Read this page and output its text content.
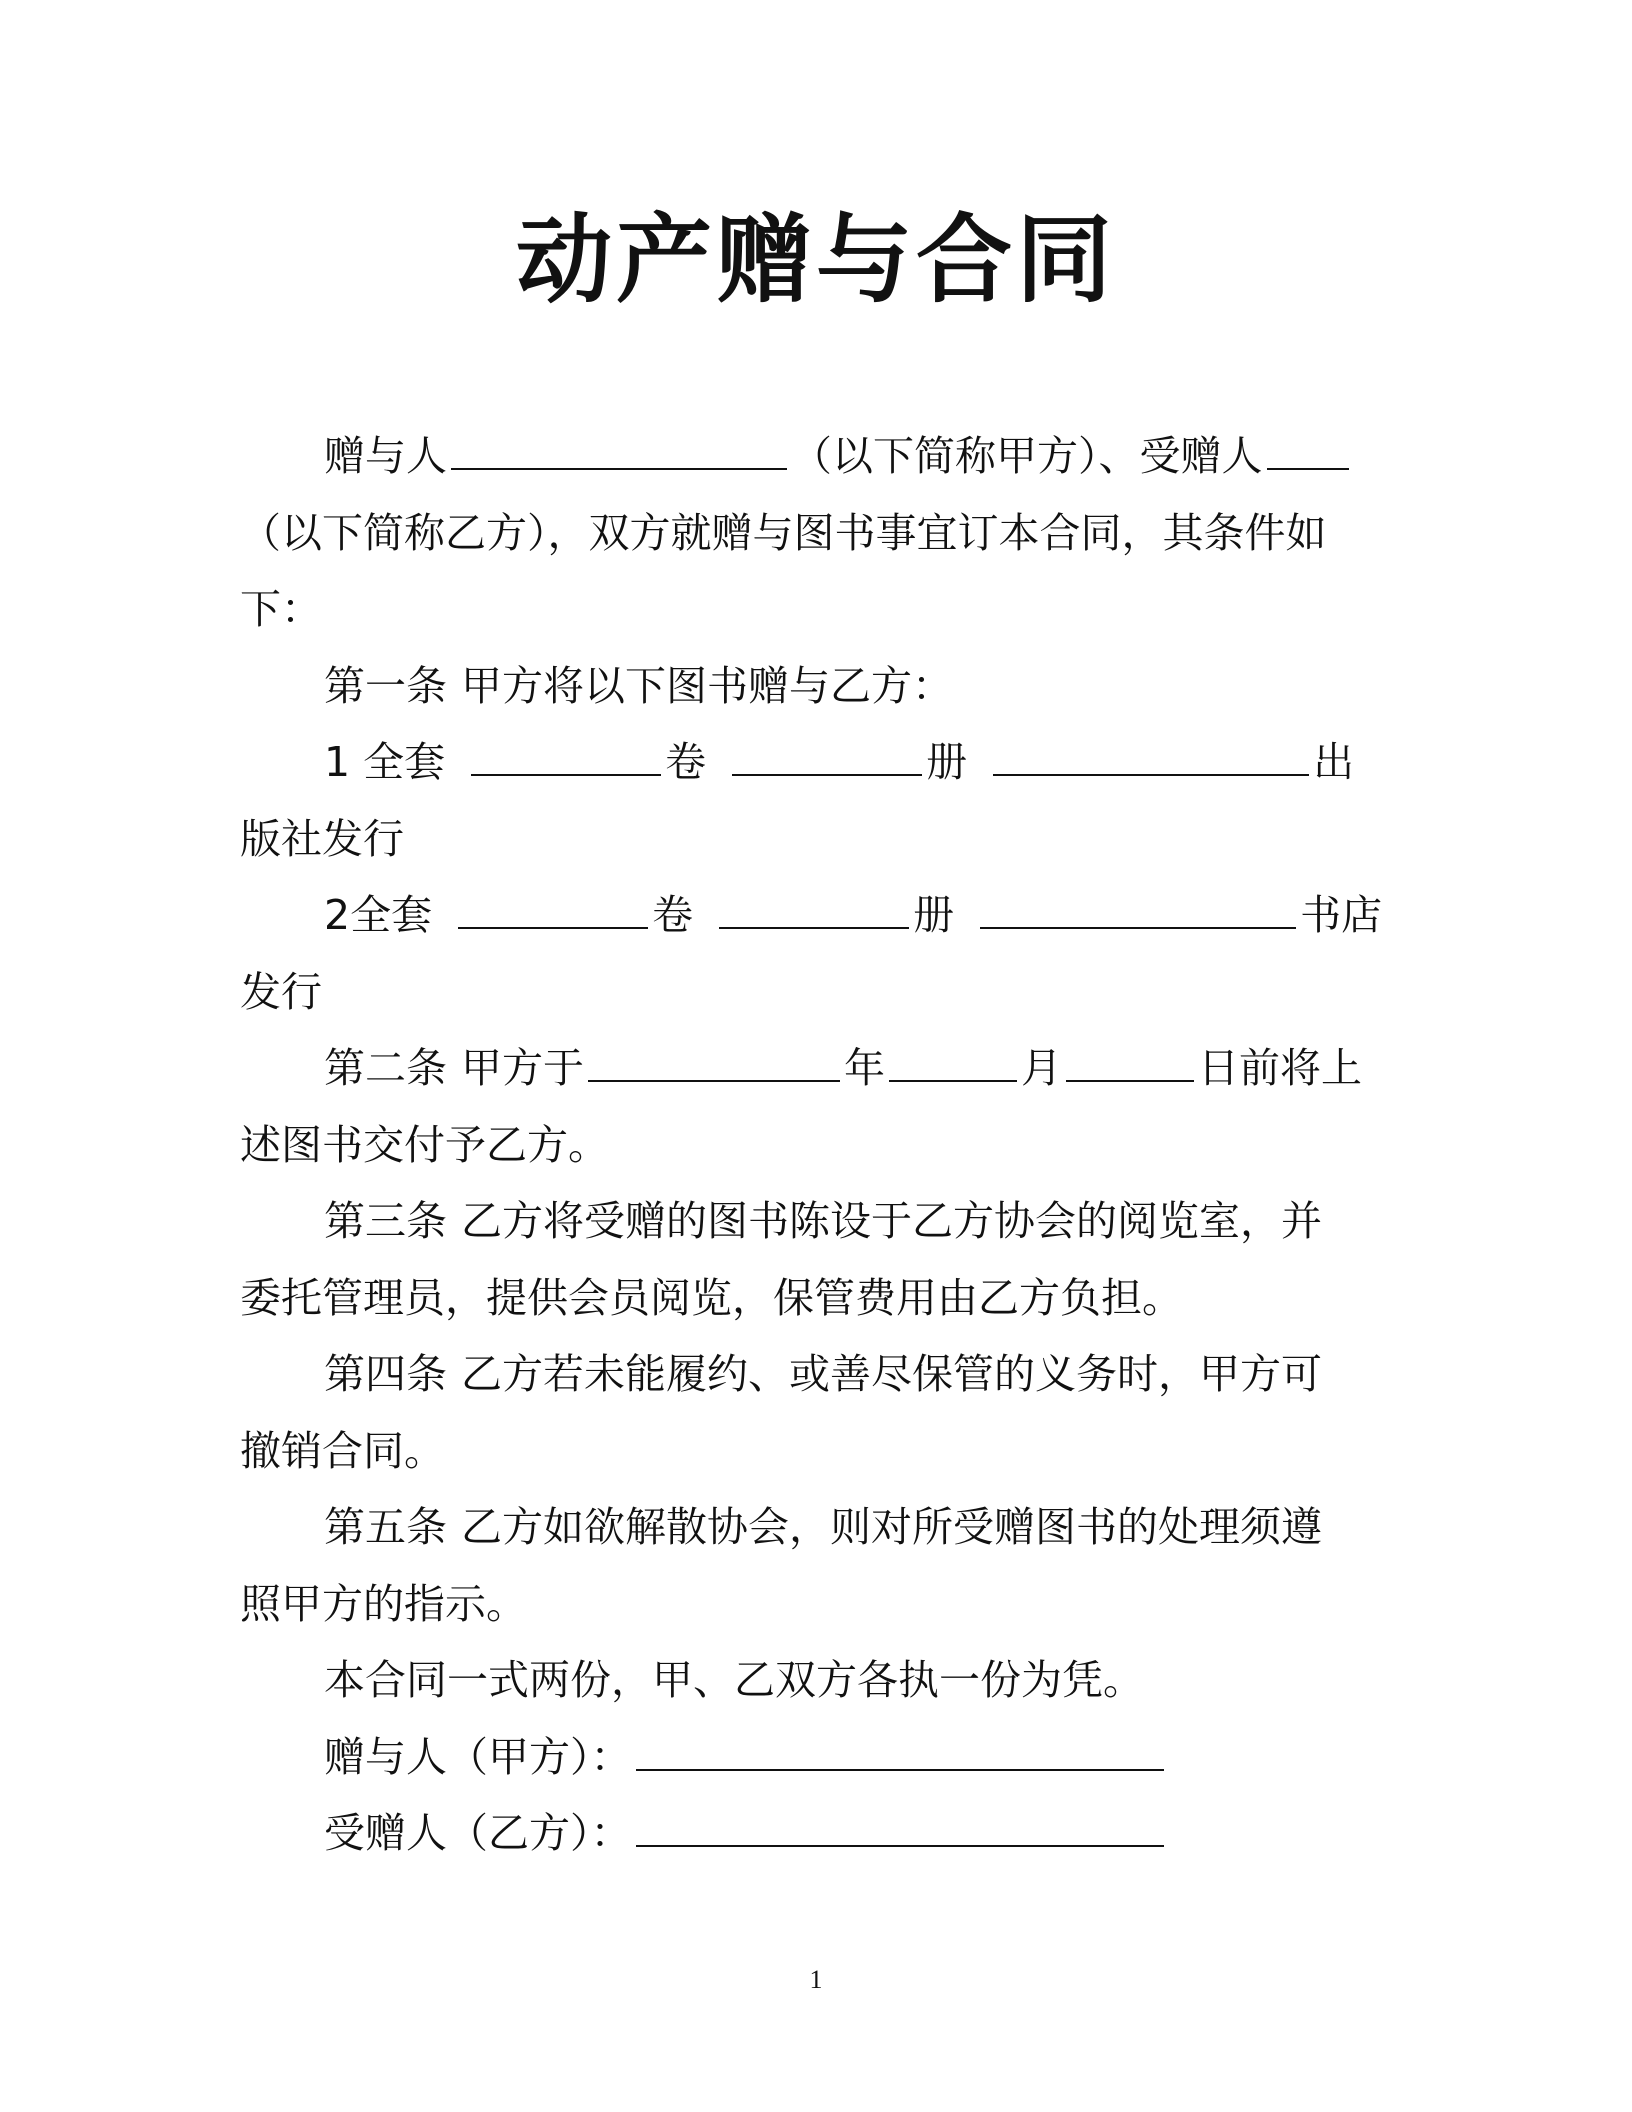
动产赠与合同
赠与人	（以下简称甲方）、受赠人
（以下简称乙方），双方就赠与图书事宜订本合同，其条件如
下：
第一条 甲方将以下图书赠与乙方：
1 全套	卷	册	出
版社发行
2全套	卷	册	书店
发行
第二条 甲方于	年	月	日前将上
述图书交付予乙方。
第三条 乙方将受赠的图书陈设于乙方协会的阅览室，并
委托管理员，提供会员阅览，保管费用由乙方负担。
第四条 乙方若未能履约、或善尽保管的义务时，甲方可
撤销合同。
第五条 乙方如欲解散协会，则对所受赠图书的处理须遵
照甲方的指示。
本合同一式两份，甲、乙双方各执一份为凭。
赠与人（甲方）：
受赠人（乙方）：
1
